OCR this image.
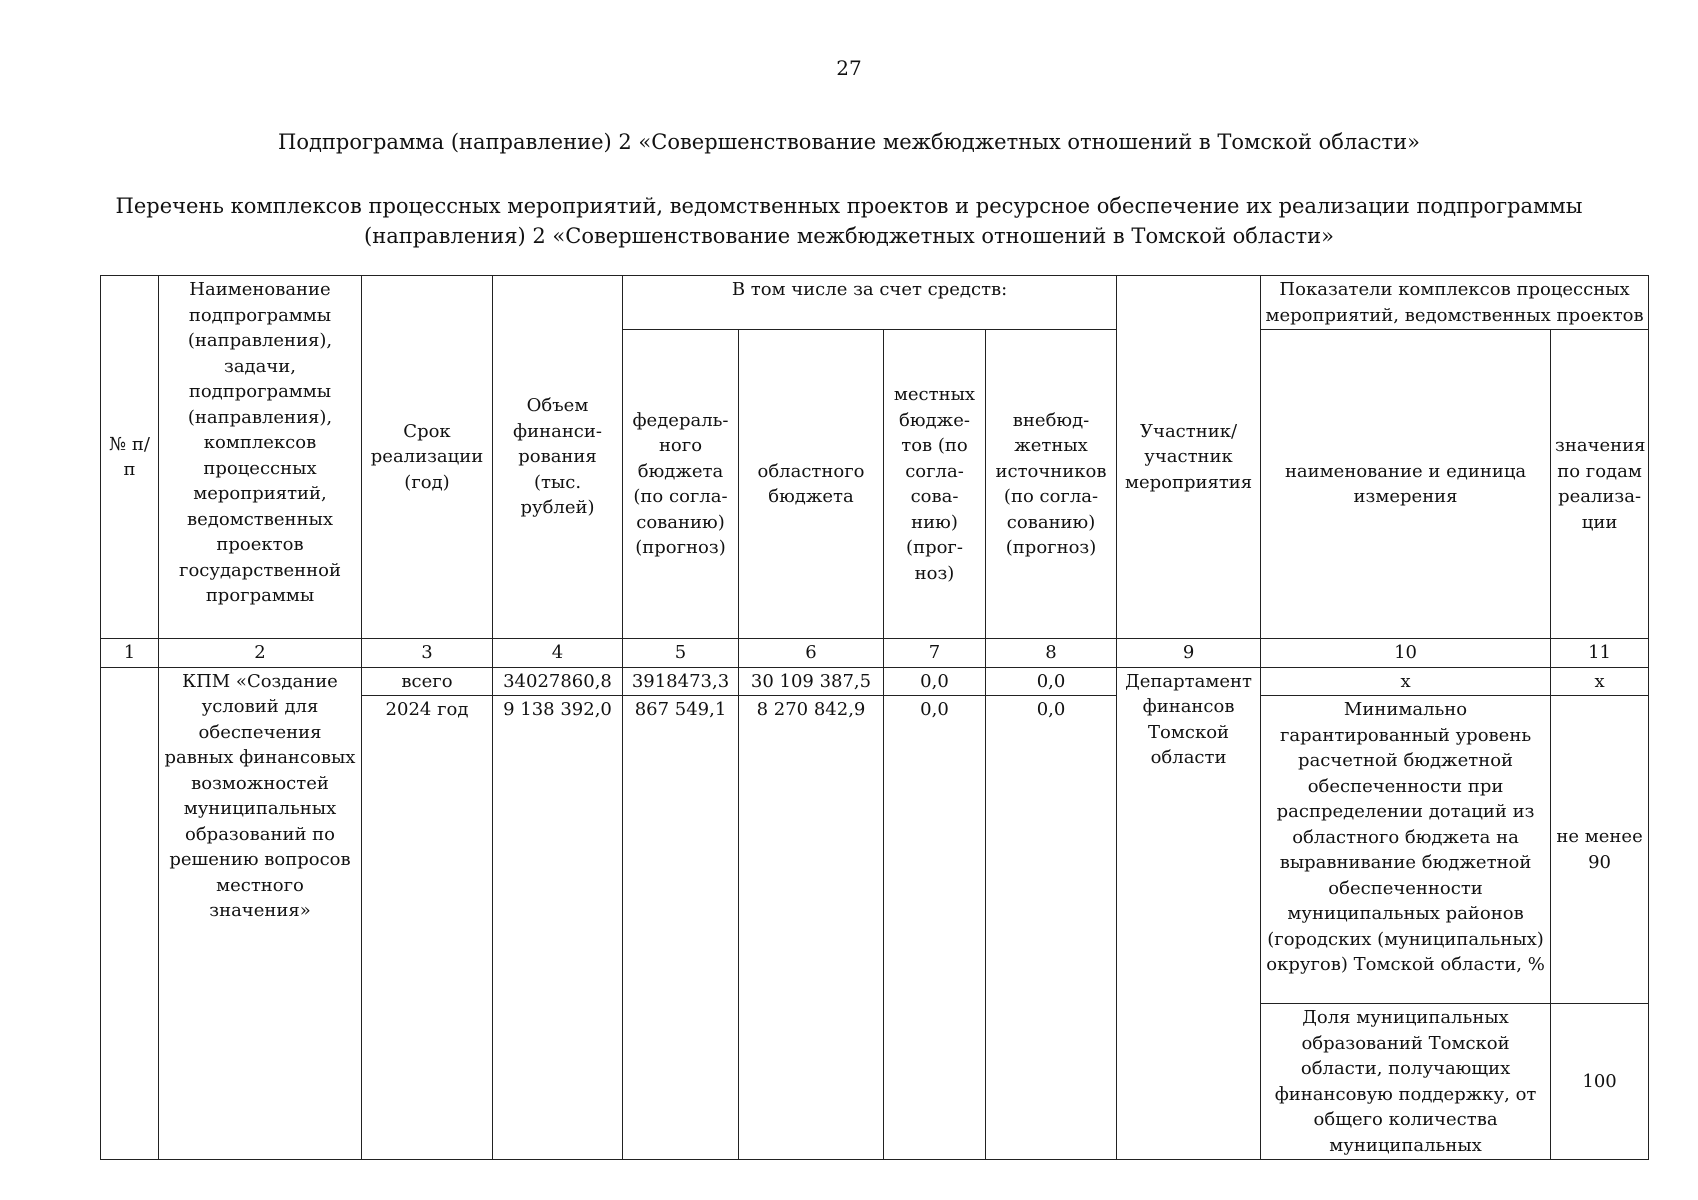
27
Подпрограмма (направление) 2 «Совершенствование межбюджетных отношений в Томской области»
Перечень комплексов процессных мероприятий, ведомственных проектов и ресурсное обеспечение их реализации подпрограммы
(направления) 2 «Совершенствование межбюджетных отношений в Томской области»
№ п/п	Наименование подпрограммы (направления), задачи, подпрограммы (направления), комплексов процессных мероприятий, ведомственных проектов государственной программы	Срок реализации (год)	Объем финанси-рования (тыс. рублей)	В том числе за счет средств:				Участник/ участник мероприятия	Показатели комплексов процессных мероприятий, ведомственных проектов	
				федераль-ного бюджета (по согла-сованию) (прогноз)	областного бюджета	местных бюдже-тов (по согла-сова-нию) (прог-ноз)	внебюд-жетных источников (по согла-сованию) (прогноз)		наименование и единица измерения	значения по годам реализа-ции
1	2	3	4	5	6	7	8	9	10	11
	КПМ «Создание условий для обеспечения равных финансовых возможностей муниципальных образований по решению вопросов местного значения»	всего	34027860,8	3918473,3	30 109 387,5	0,0	0,0	Департамент финансов Томской области	х	х
		2024 год	9 138 392,0	867 549,1	8 270 842,9	0,0	0,0		Минимально гарантированный уровень расчетной бюджетной обеспеченности при распределении дотаций из областного бюджета на выравнивание бюджетной обеспеченности муниципальных районов (городских (муниципальных) округов) Томской области, %	не менее 90
									Доля муниципальных образований Томской области, получающих финансовую поддержку, от общего количества муниципальных	100
